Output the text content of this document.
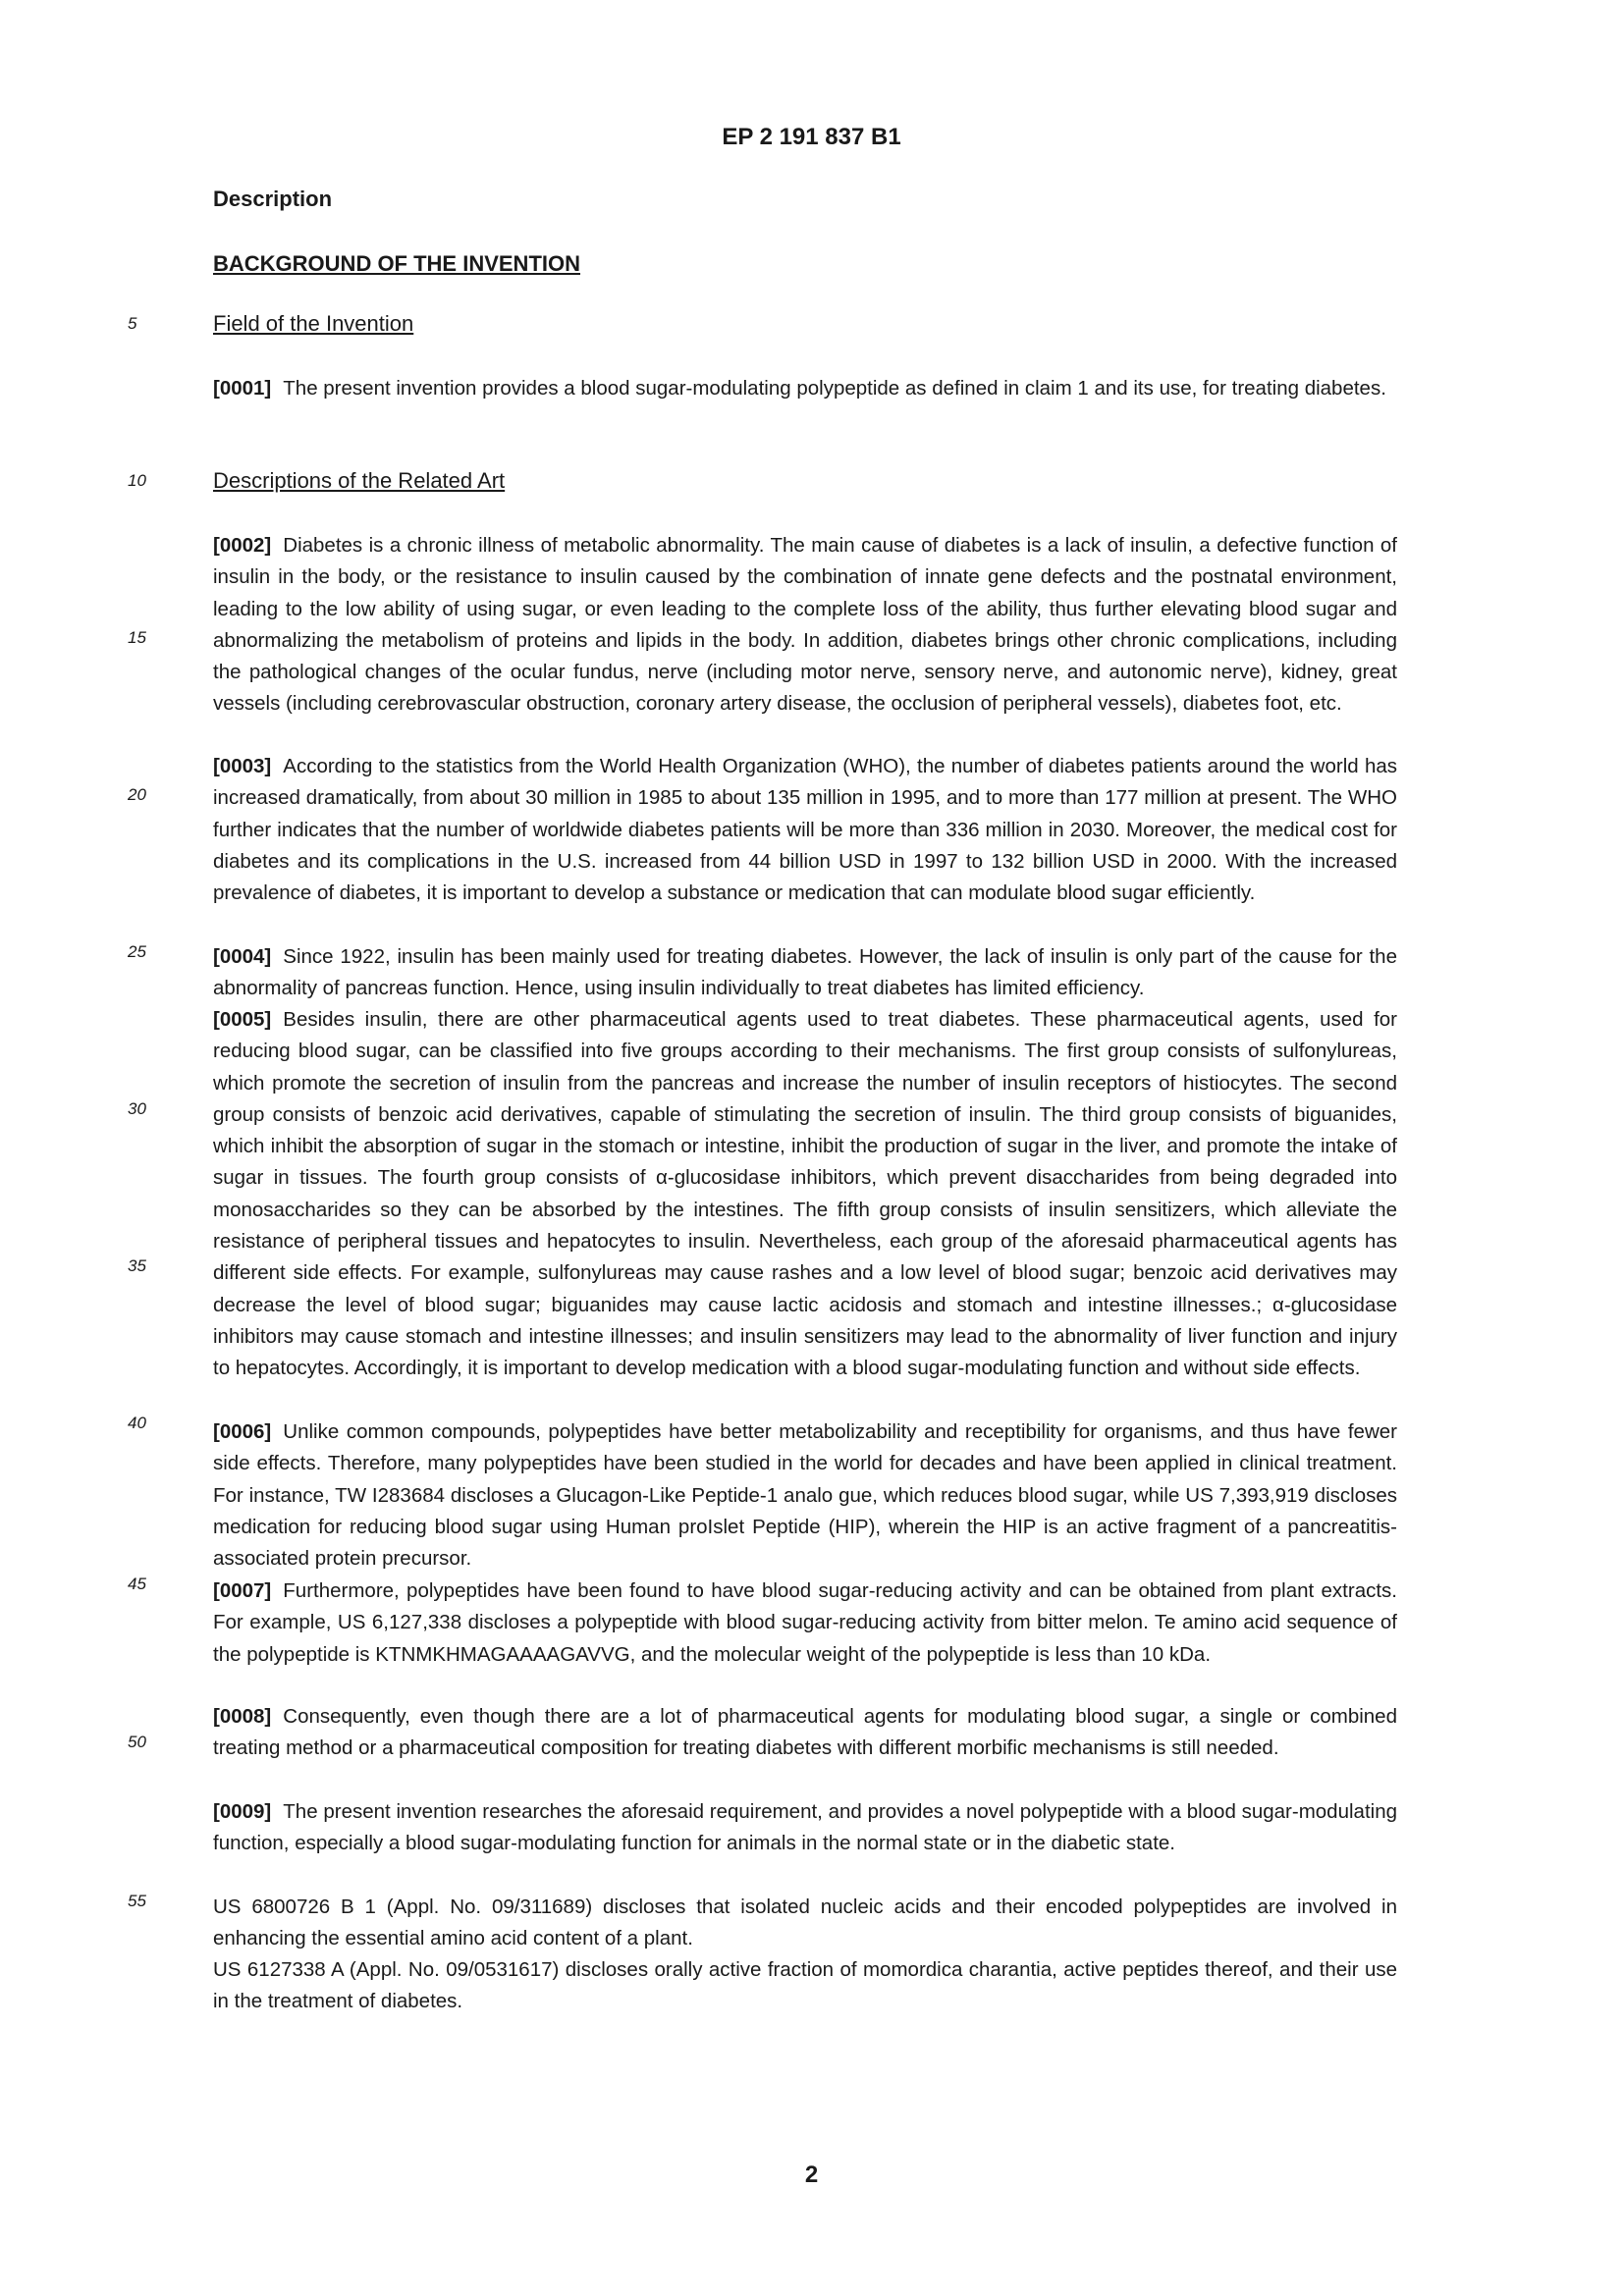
EP 2 191 837 B1
Description
BACKGROUND OF THE INVENTION
Field of the Invention
Descriptions of the Related Art
[0001] The present invention provides a blood sugar-modulating polypeptide as defined in claim 1 and its use, for treating diabetes.
[0002] Diabetes is a chronic illness of metabolic abnormality. The main cause of diabetes is a lack of insulin, a defective function of insulin in the body, or the resistance to insulin caused by the combination of innate gene defects and the postnatal environment, leading to the low ability of using sugar, or even leading to the complete loss of the ability, thus further elevating blood sugar and abnormalizing the metabolism of proteins and lipids in the body. In addition, diabetes brings other chronic complications, including the pathological changes of the ocular fundus, nerve (including motor nerve, sensory nerve, and autonomic nerve), kidney, great vessels (including cerebrovascular obstruction, coronary artery disease, the occlusion of peripheral vessels), diabetes foot, etc.
[0003] According to the statistics from the World Health Organization (WHO), the number of diabetes patients around the world has increased dramatically, from about 30 million in 1985 to about 135 million in 1995, and to more than 177 million at present. The WHO further indicates that the number of worldwide diabetes patients will be more than 336 million in 2030. Moreover, the medical cost for diabetes and its complications in the U.S. increased from 44 billion USD in 1997 to 132 billion USD in 2000. With the increased prevalence of diabetes, it is important to develop a substance or medication that can modulate blood sugar efficiently.
[0004] Since 1922, insulin has been mainly used for treating diabetes. However, the lack of insulin is only part of the cause for the abnormality of pancreas function. Hence, using insulin individually to treat diabetes has limited efficiency.
[0005] Besides insulin, there are other pharmaceutical agents used to treat diabetes. These pharmaceutical agents, used for reducing blood sugar, can be classified into five groups according to their mechanisms. The first group consists of sulfonylureas, which promote the secretion of insulin from the pancreas and increase the number of insulin receptors of histiocytes. The second group consists of benzoic acid derivatives, capable of stimulating the secretion of insulin. The third group consists of biguanides, which inhibit the absorption of sugar in the stomach or intestine, inhibit the production of sugar in the liver, and promote the intake of sugar in tissues. The fourth group consists of α-glucosidase inhibitors, which prevent disaccharides from being degraded into monosaccharides so they can be absorbed by the intestines. The fifth group consists of insulin sensitizers, which alleviate the resistance of peripheral tissues and hepatocytes to insulin. Nevertheless, each group of the aforesaid pharmaceutical agents has different side effects. For example, sulfonylureas may cause rashes and a low level of blood sugar; benzoic acid derivatives may decrease the level of blood sugar; biguanides may cause lactic acidosis and stomach and intestine illnesses.; α-glucosidase inhibitors may cause stomach and intestine illnesses; and insulin sensitizers may lead to the abnormality of liver function and injury to hepatocytes. Accordingly, it is important to develop medication with a blood sugar-modulating function and without side effects.
[0006] Unlike common compounds, polypeptides have better metabolizability and receptibility for organisms, and thus have fewer side effects. Therefore, many polypeptides have been studied in the world for decades and have been applied in clinical treatment. For instance, TW I283684 discloses a Glucagon-Like Peptide-1 analo gue, which reduces blood sugar, while US 7,393,919 discloses medication for reducing blood sugar using Human proIslet Peptide (HIP), wherein the HIP is an active fragment of a pancreatitis-associated protein precursor.
[0007] Furthermore, polypeptides have been found to have blood sugar-reducing activity and can be obtained from plant extracts. For example, US 6,127,338 discloses a polypeptide with blood sugar-reducing activity from bitter melon. Te amino acid sequence of the polypeptide is KTNMKHMAGAAAAGAVVG, and the molecular weight of the polypeptide is less than 10 kDa.
[0008] Consequently, even though there are a lot of pharmaceutical agents for modulating blood sugar, a single or combined treating method or a pharmaceutical composition for treating diabetes with different morbific mechanisms is still needed.
[0009] The present invention researches the aforesaid requirement, and provides a novel polypeptide with a blood sugar-modulating function, especially a blood sugar-modulating function for animals in the normal state or in the diabetic state.
US 6800726 B 1 (Appl. No. 09/311689) discloses that isolated nucleic acids and their encoded polypeptides are involved in enhancing the essential amino acid content of a plant.
US 6127338 A (Appl. No. 09/0531617) discloses orally active fraction of momordica charantia, active peptides thereof, and their use in the treatment of diabetes.
5
10
15
20
25
30
35
40
45
50
55
2
